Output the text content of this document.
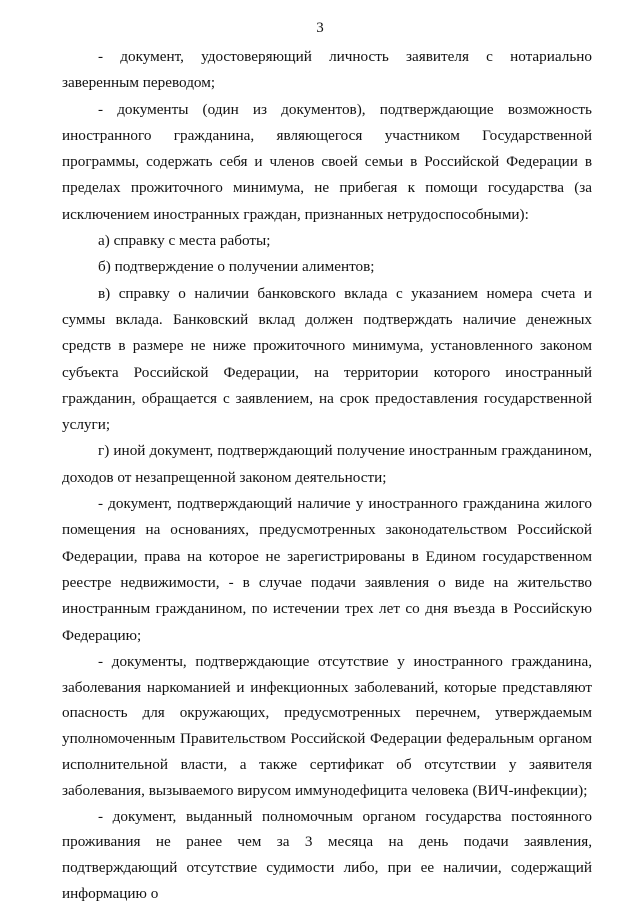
3

- документ, удостоверяющий личность заявителя с нотариально заверенным переводом;

- документы (один из документов), подтверждающие возможность иностранного гражданина, являющегося участником Государственной программы, содержать себя и членов своей семьи в Российской Федерации в пределах прожиточного минимума, не прибегая к помощи государства (за исключением иностранных граждан, признанных нетрудоспособными):

а) справку с места работы;

б) подтверждение о получении алиментов;

в) справку о наличии банковского вклада с указанием номера счета и суммы вклада. Банковский вклад должен подтверждать наличие денежных средств в размере не ниже прожиточного минимума, установленного законом субъекта Российской Федерации, на территории которого иностранный гражданин, обращается с заявлением, на срок предоставления государственной услуги;

г) иной документ, подтверждающий получение иностранным гражданином, доходов от незапрещенной законом деятельности;

- документ, подтверждающий наличие у иностранного гражданина жилого помещения на основаниях, предусмотренных законодательством Российской Федерации, права на которое не зарегистрированы в Едином государственном реестре недвижимости, - в случае подачи заявления о виде на жительство иностранным гражданином, по истечении трех лет со дня въезда в Российскую Федерацию;

- документы, подтверждающие отсутствие у иностранного гражданина, заболевания наркоманией и инфекционных заболеваний, которые представляют опасность для окружающих, предусмотренных перечнем, утверждаемым уполномоченным Правительством Российской Федерации федеральным органом исполнительной власти, а также сертификат об отсутствии у заявителя заболевания, вызываемого вирусом иммунодефицита человека (ВИЧ-инфекции);

- документ, выданный полномочным органом государства постоянного проживания не ранее чем за 3 месяца на день подачи заявления, подтверждающий отсутствие судимости либо, при ее наличии, содержащий информацию о
